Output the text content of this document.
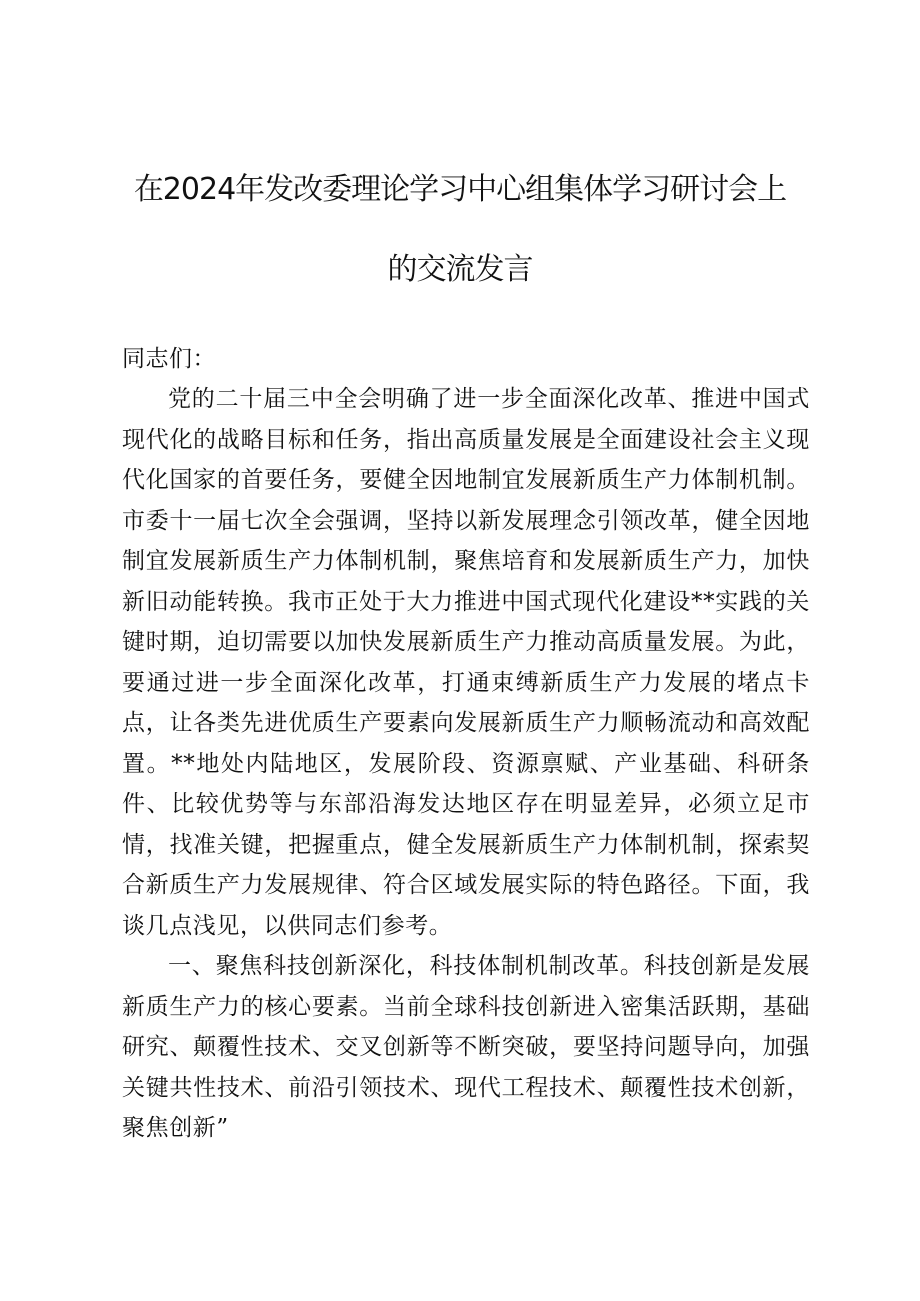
在2024年发改委理论学习中心组集体学习研讨会上的交流发言

同志们：

党的二十届三中全会明确了进一步全面深化改革、推进中国式现代化的战略目标和任务，指出高质量发展是全面建设社会主义现代化国家的首要任务，要健全因地制宜发展新质生产力体制机制。市委十一届七次全会强调，坚持以新发展理念引领改革，健全因地制宜发展新质生产力体制机制，聚焦培育和发展新质生产力，加快新旧动能转换。我市正处于大力推进中国式现代化建设**实践的关键时期，迫切需要以加快发展新质生产力推动高质量发展。为此，要通过进一步全面深化改革，打通束缚新质生产力发展的堵点卡点，让各类先进优质生产要素向发展新质生产力顺畅流动和高效配置。**地处内陆地区，发展阶段、资源禀赋、产业基础、科研条件、比较优势等与东部沿海发达地区存在明显差异，必须立足市情，找准关键，把握重点，健全发展新质生产力体制机制，探索契合新质生产力发展规律、符合区域发展实际的特色路径。下面，我谈几点浅见，以供同志们参考。

一、聚焦科技创新深化，科技体制机制改革。科技创新是发展新质生产力的核心要素。当前全球科技创新进入密集活跃期，基础研究、颠覆性技术、交叉创新等不断突破，要坚持问题导向，加强关键共性技术、前沿引领技术、现代工程技术、颠覆性技术创新，聚焦创新”
